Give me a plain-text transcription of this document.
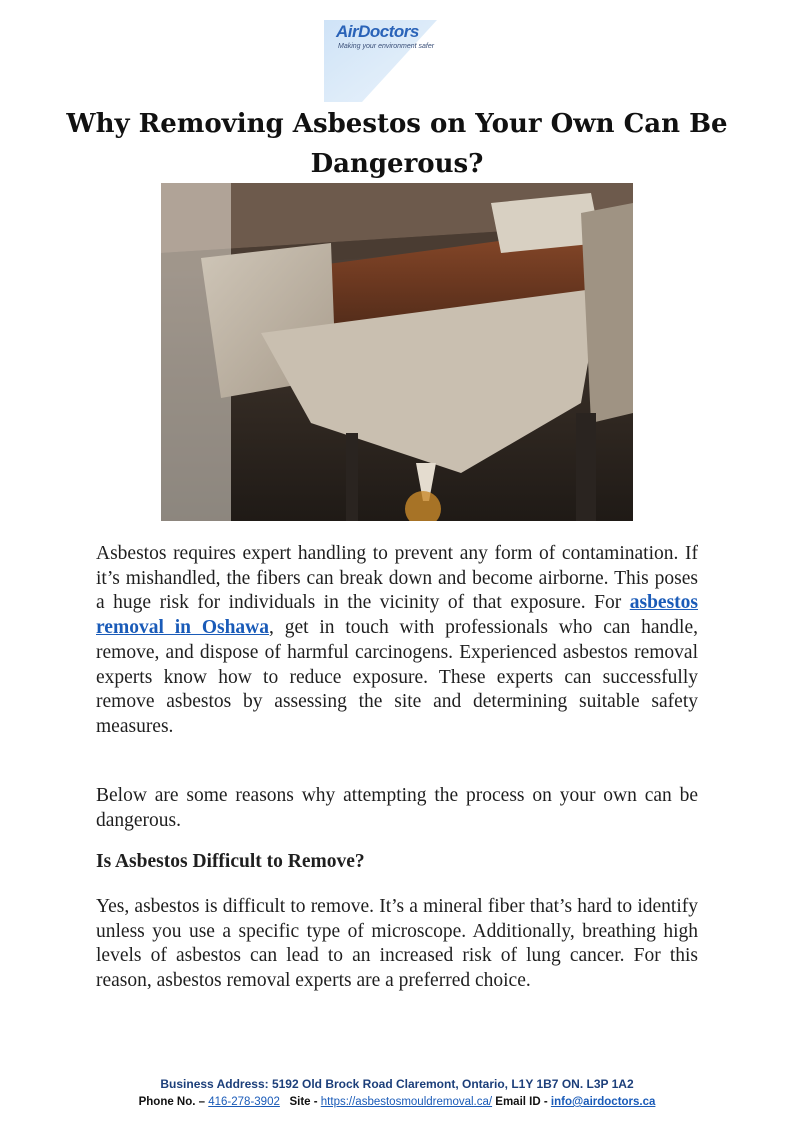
AirDoctors
Making your environment safer
Why Removing Asbestos on Your Own Can Be Dangerous?

Asbestos requires expert handling to prevent any form of contamination. If it’s mishandled, the fibers can break down and become airborne. This poses a huge risk for individuals in the vicinity of that exposure. For asbestos removal in Oshawa, get in touch with professionals who can handle, remove, and dispose of harmful carcinogens. Experienced asbestos removal experts know how to reduce exposure. These experts can successfully remove asbestos by assessing the site and determining suitable safety measures.

Below are some reasons why attempting the process on your own can be dangerous.

Is Asbestos Difficult to Remove?

Yes, asbestos is difficult to remove. It’s a mineral fiber that’s hard to identify unless you use a specific type of microscope. Additionally, breathing high levels of asbestos can lead to an increased risk of lung cancer. For this reason, asbestos removal experts are a preferred choice.

Business Address: 5192 Old Brock Road Claremont, Ontario, L1Y 1B7 ON. L3P 1A2
Phone No. – 416-278-3902 Site - https://asbestosmouldremoval.ca/ Email ID - info@airdoctors.ca
